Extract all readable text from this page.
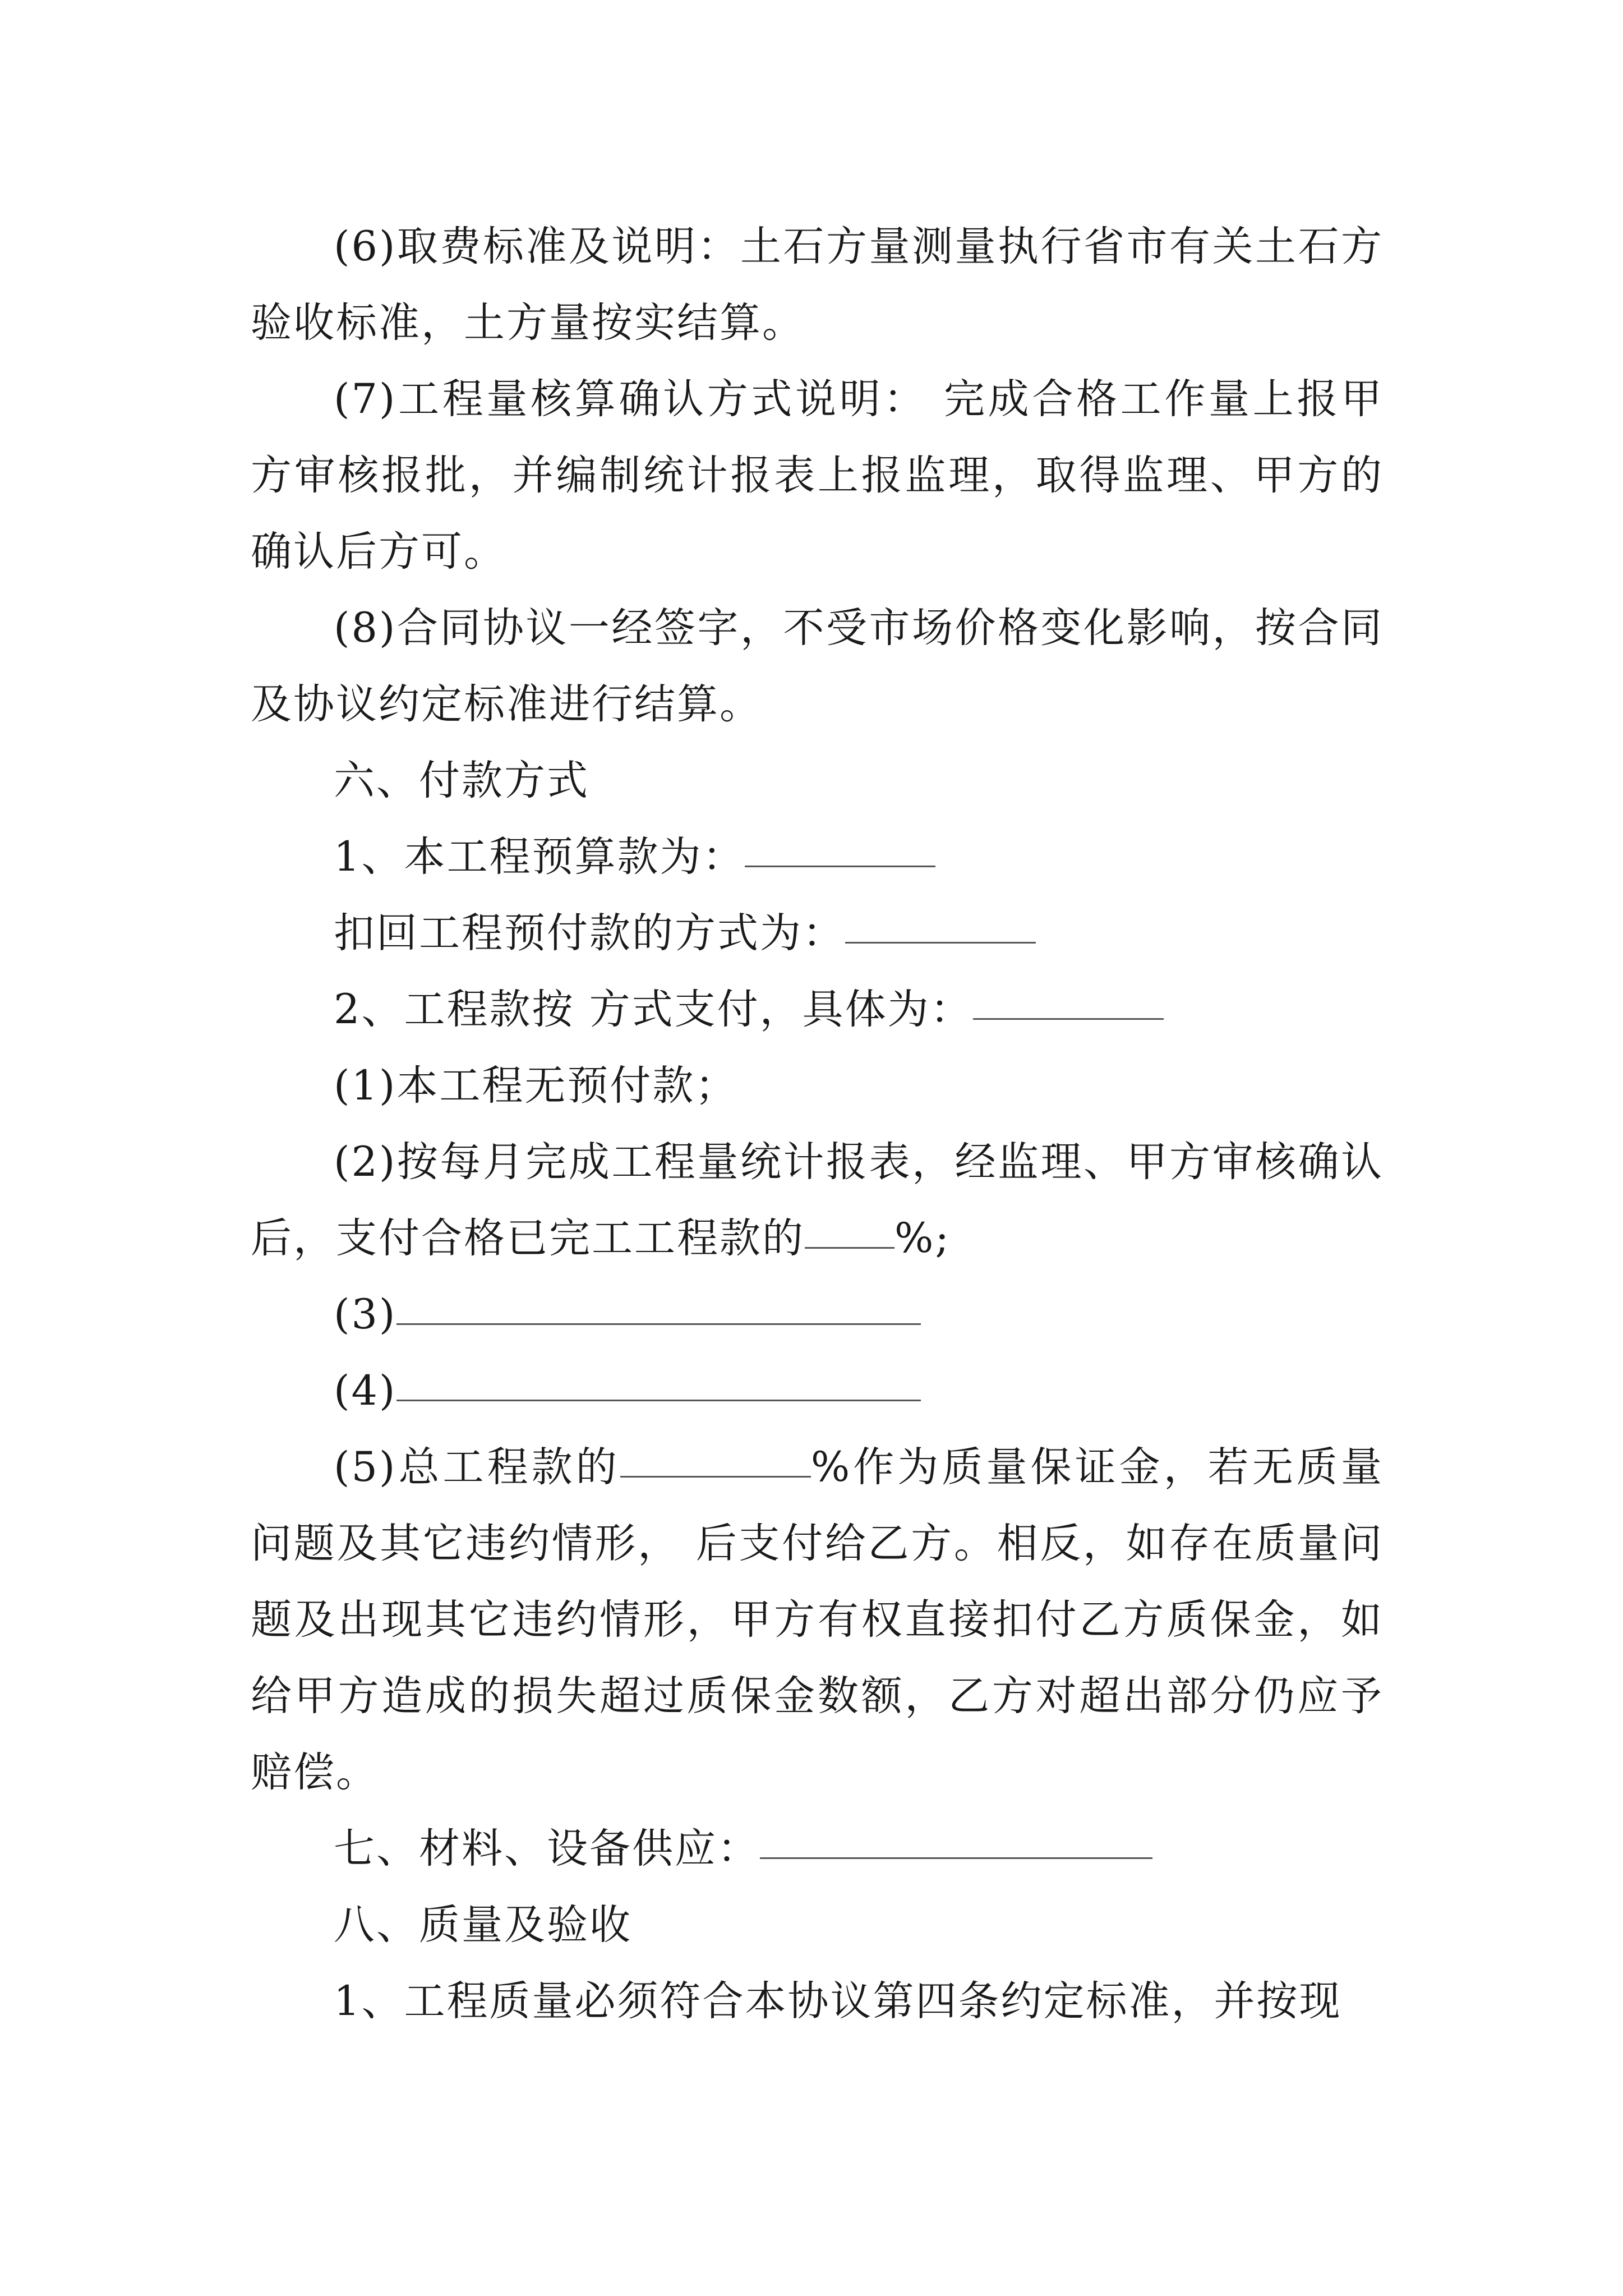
(6)取费标准及说明：土石方量测量执行省市有关土石方验收标准，土方量按实结算。

(7)工程量核算确认方式说明： 完成合格工作量上报甲方审核报批，并编制统计报表上报监理，取得监理、甲方的确认后方可。

(8)合同协议一经签字，不受市场价格变化影响，按合同及协议约定标准进行结算。

六、付款方式

1、本工程预算款为：

扣回工程预付款的方式为：

2、工程款按 方式支付，具体为：

(1)本工程无预付款；

(2)按每月完成工程量统计报表，经监理、甲方审核确认后，支付合格已完工工程款的 %;

(3)

(4)

(5)总工程款的	%作为质量保证金，若无质量问题及其它违约情形， 后支付给乙方。相反，如存在质量问题及出现其它违约情形，甲方有权直接扣付乙方质保金，如给甲方造成的损失超过质保金数额，乙方对超出部分仍应予赔偿。

七、材料、设备供应：

八、质量及验收

1、工程质量必须符合本协议第四条约定标准，并按现
